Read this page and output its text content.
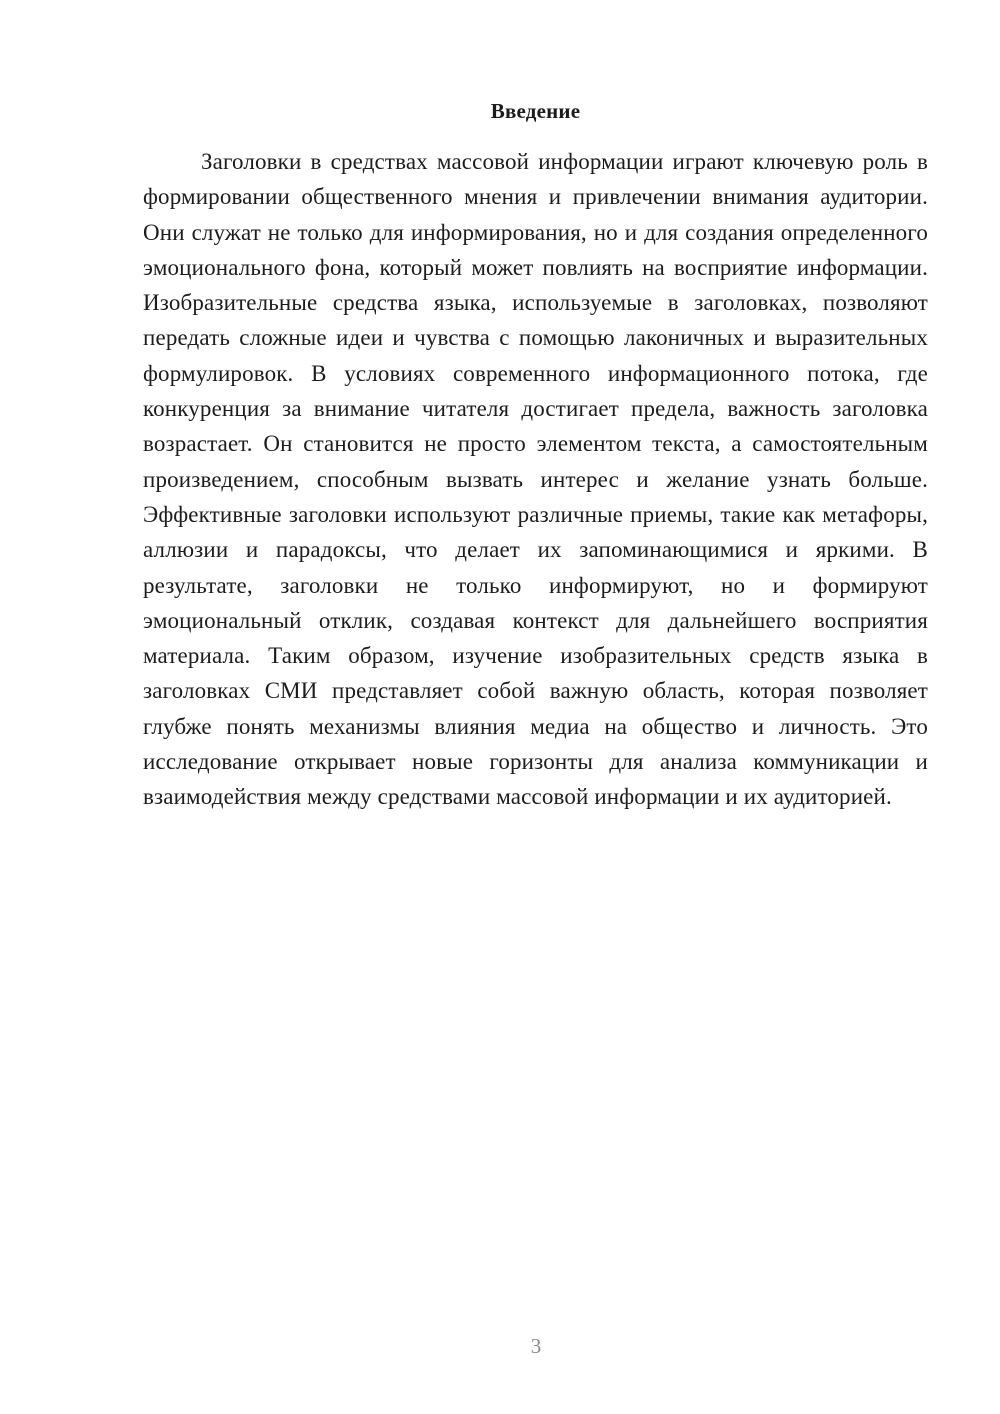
Введение

Заголовки в средствах массовой информации играют ключевую роль в формировании общественного мнения и привлечении внимания аудитории. Они служат не только для информирования, но и для создания определенного эмоционального фона, который может повлиять на восприятие информации. Изобразительные средства языка, используемые в заголовках, позволяют передать сложные идеи и чувства с помощью лаконичных и выразительных формулировок. В условиях современного информационного потока, где конкуренция за внимание читателя достигает предела, важность заголовка возрастает. Он становится не просто элементом текста, а самостоятельным произведением, способным вызвать интерес и желание узнать больше. Эффективные заголовки используют различные приемы, такие как метафоры, аллюзии и парадоксы, что делает их запоминающимися и яркими. В результате, заголовки не только информируют, но и формируют эмоциональный отклик, создавая контекст для дальнейшего восприятия материала. Таким образом, изучение изобразительных средств языка в заголовках СМИ представляет собой важную область, которая позволяет глубже понять механизмы влияния медиа на общество и личность. Это исследование открывает новые горизонты для анализа коммуникации и взаимодействия между средствами массовой информации и их аудиторией.

3
